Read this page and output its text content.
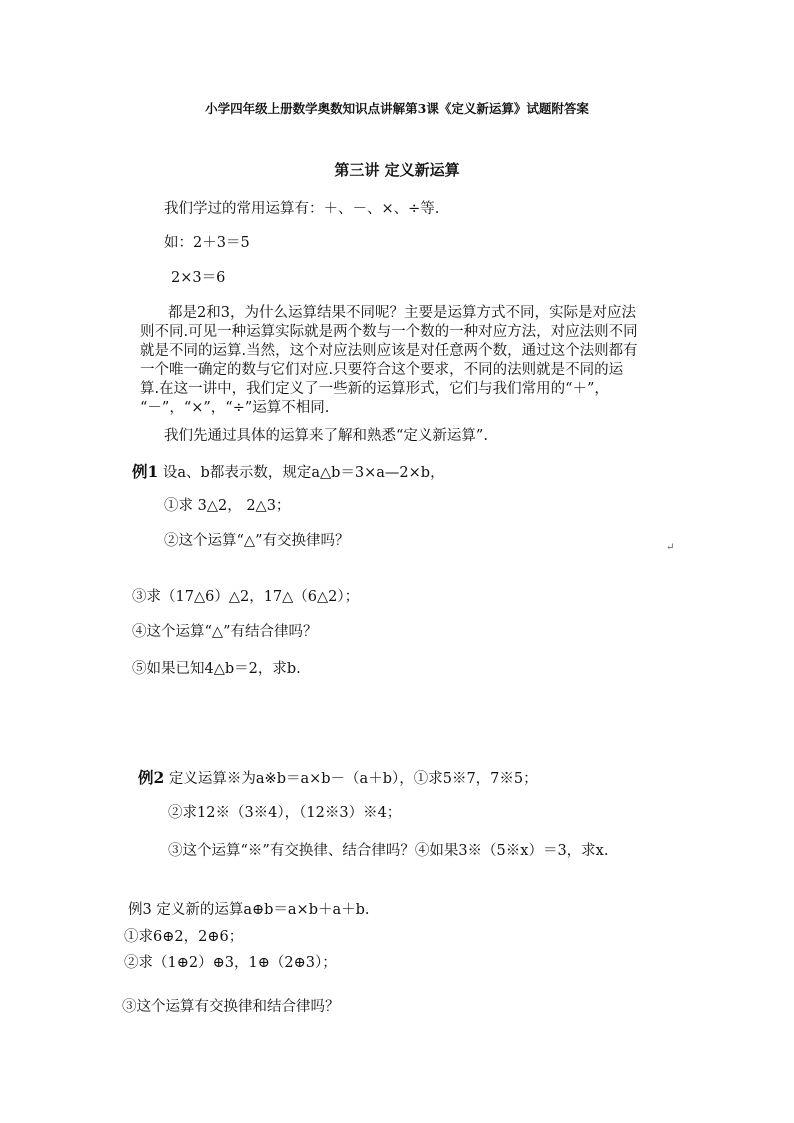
小学四年级上册数学奥数知识点讲解第3课《定义新运算》试题附答案
第三讲 定义新运算
我们学过的常用运算有：＋、－、×、÷等.
如：2＋3＝5
2×3＝6
都是2和3，为什么运算结果不同呢？主要是运算方式不同，实际是对应法
则不同.可见一种运算实际就是两个数与一个数的一种对应方法，对应法则不同
就是不同的运算.当然，这个对应法则应该是对任意两个数，通过这个法则都有
一个唯一确定的数与它们对应.只要符合这个要求，不同的法则就是不同的运
算.在这一讲中，我们定义了一些新的运算形式，它们与我们常用的“＋”，
“－”，“×”，“÷”运算不相同.
我们先通过具体的运算来了解和熟悉“定义新运算”.
例1 设a、b都表示数，规定a△b＝3×a—2×b，
①求 3△2， 2△3；
②这个运算“△”有交换律吗？	↵
③求（17△6）△2，17△（6△2）；
④这个运算“△”有结合律吗？
⑤如果已知4△b＝2，求b.
例2 定义运算※为a※b＝a×b－（a＋b），①求5※7，7※5；
②求12※（3※4），（12※3）※4；
③这个运算“※”有交换律、结合律吗？④如果3※（5※x）＝3，求x.
例3 定义新的运算a⊕b＝a×b＋a＋b.
①求6⊕2，2⊕6；
②求（1⊕2）⊕3，1⊕（2⊕3）；
③这个运算有交换律和结合律吗？
